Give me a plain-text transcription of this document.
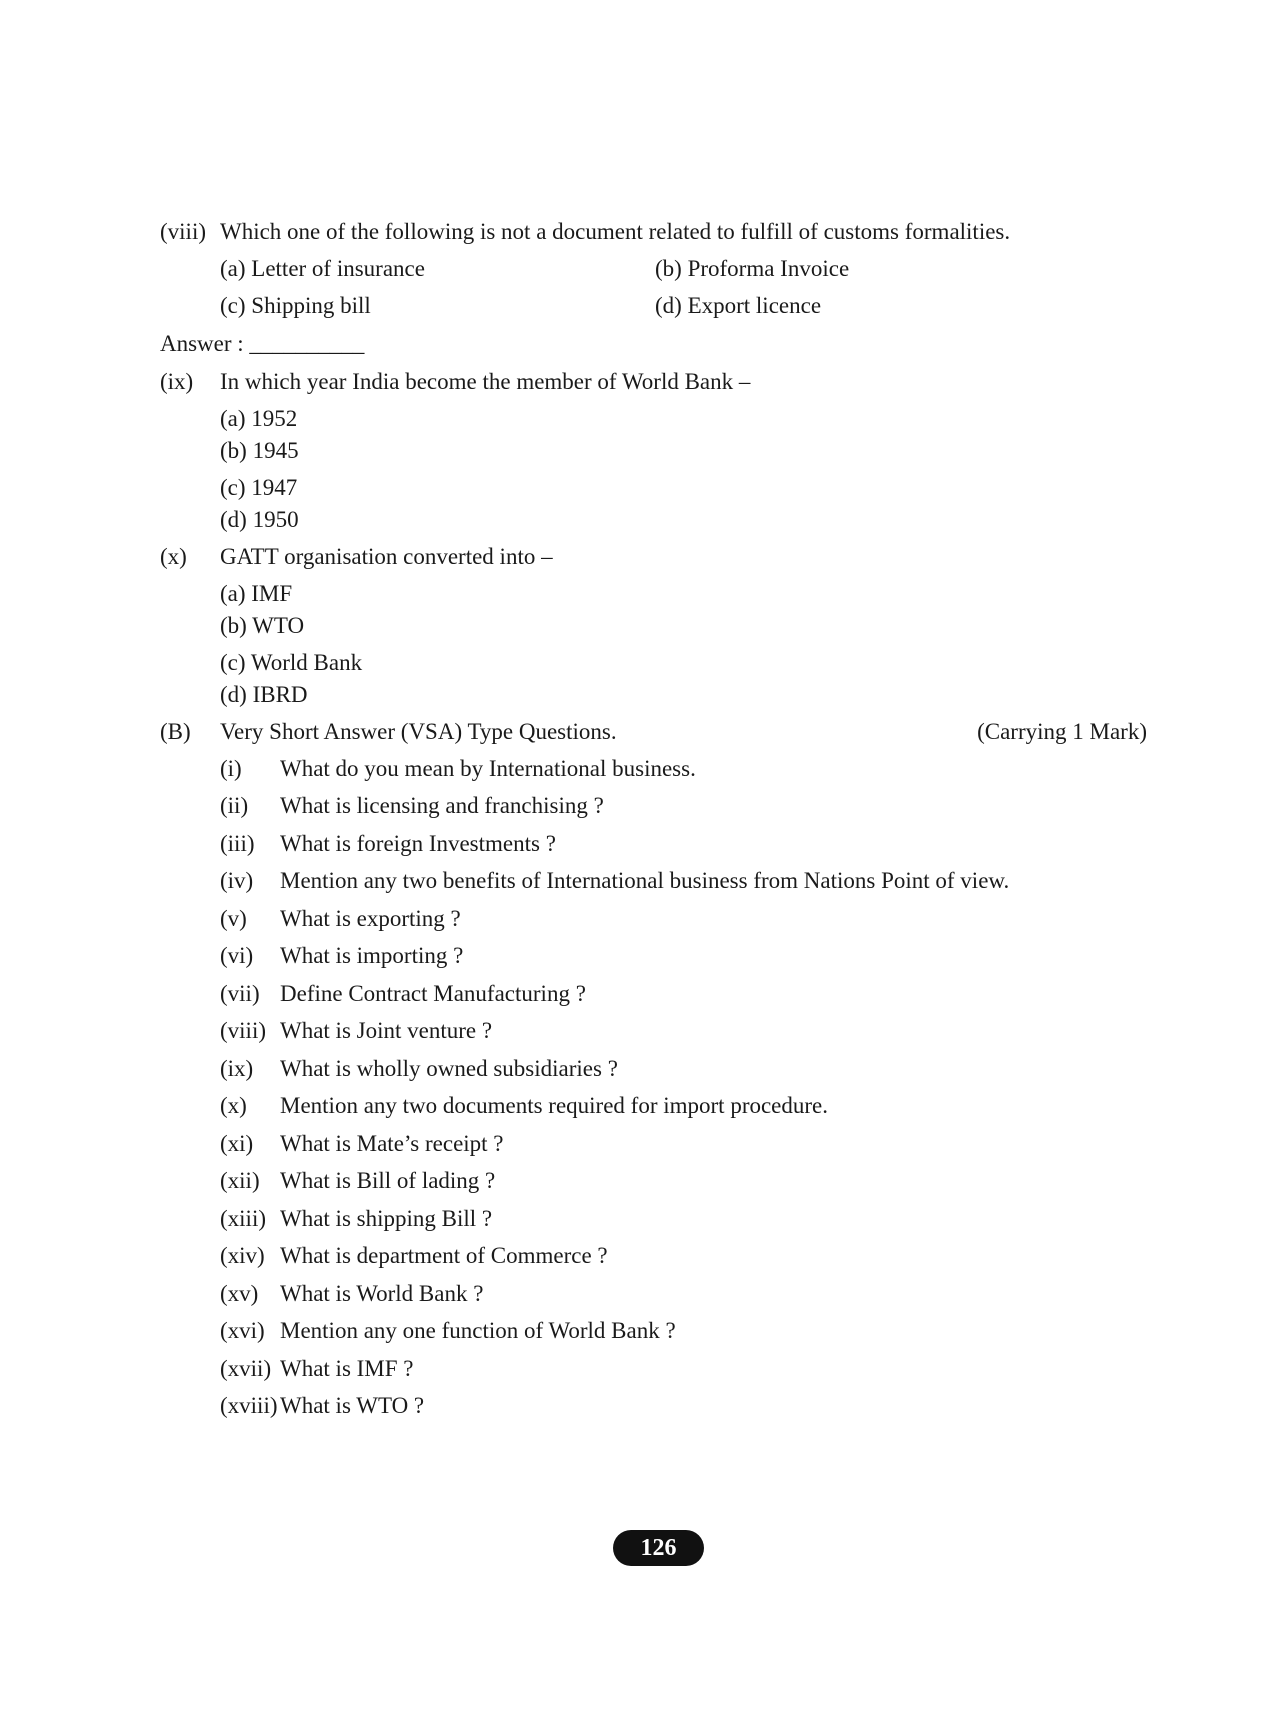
(viii) Which one of the following is not a document related to fulfill of customs formalities.
(a) Letter of insurance	(b) Proforma Invoice
(c) Shipping bill	(d) Export licence
Answer : __________
(ix) In which year India become the member of World Bank –
(a) 1952
(b) 1945
(c) 1947
(d) 1950
(x) GATT organisation converted into –
(a) IMF
(b) WTO
(c) World Bank
(d) IBRD
(B) Very Short Answer (VSA) Type Questions.	(Carrying 1 Mark)
(i) What do you mean by International business.
(ii) What is licensing and franchising ?
(iii) What is foreign Investments ?
(iv) Mention any two benefits of International business from Nations Point of view.
(v) What is exporting ?
(vi) What is importing ?
(vii) Define Contract Manufacturing ?
(viii) What is Joint venture ?
(ix) What is wholly owned subsidiaries ?
(x) Mention any two documents required for import procedure.
(xi) What is Mate’s receipt ?
(xii) What is Bill of lading ?
(xiii) What is shipping Bill ?
(xiv) What is department of Commerce ?
(xv) What is World Bank ?
(xvi) Mention any one function of World Bank ?
(xvii) What is IMF ?
(xviii) What is WTO ?
126
